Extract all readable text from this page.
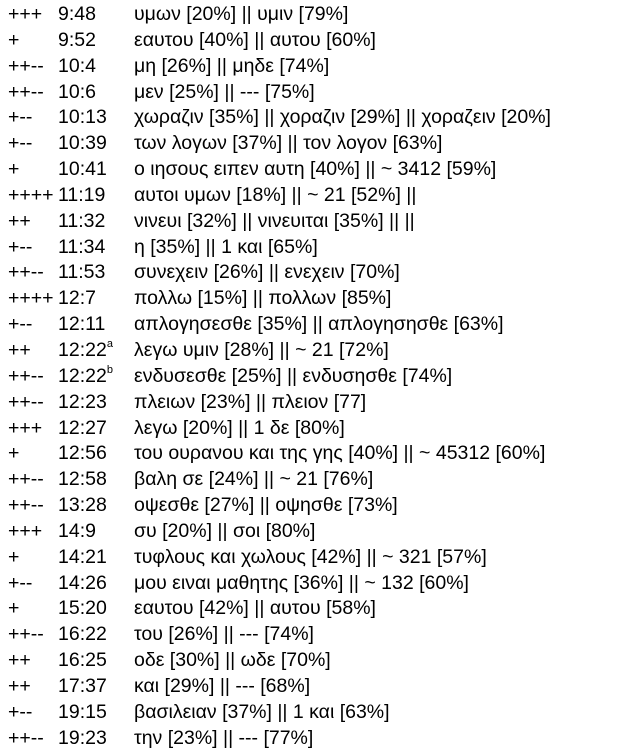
+++ 9:48 υμων [20%] || υμιν [79%]
+ 9:52 εαυτου [40%] || αυτου [60%]
++-- 10:4 μη [26%] || μηδε [74%]
++-- 10:6 μεν [25%] || --- [75%]
+-- 10:13 χωραζιν [35%] || χοραζιν [29%] || χοραζειν [20%]
+-- 10:39 των λογων [37%] || τον λογον [63%]
+ 10:41 ο ιησους ειπεν αυτη [40%] || ~ 3412 [59%]
++++ 11:19 αυτοι υμων [18%] || ~ 21 [52%] ||
++ 11:32 νινευι [32%] || νινευιται [35%] || ||
+-- 11:34 η [35%] || 1 και [65%]
++-- 11:53 συνεχειν [26%] || ενεχειν [70%]
++++ 12:7 πολλω [15%] || πολλων [85%]
+-- 12:11 απλογησεσθε [35%] || απλογησησθε [63%]
++ $12:22^a$ λεγω υμιν [28%] || ~ 21 [72%]
++-- 12:22$^b$ ενδυσεσθε [25%] || ενδυσησθε [74%]
++-- 12:23 πλειων [23%] || πλειον [77]
+++ 12:27 λεγω [20%] || 1 δε [80%]
+ 12:56 του ουρανου και της γης [40%] || ~ 45312 [60%]
++-- 12:58 βαλη σε [24%] || ~ 21 [76%]
++-- 13:28 οψεσθε [27%] || οψησθε [73%]
+++ 14:9 συ [20%] || σοι [80%]
+ 14:21 τυφλους και χωλους [42%] || ~ 321 [57%]
+-- 14:26 μου ειναι μαθητης [36%] || ~ 132 [60%]
+ 15:20 εαυτου [42%] || αυτου [58%]
++-- 16:22 του [26%] || --- [74%]
++ 16:25 οδε [30%] || ωδε [70%]
++ 17:37 και [29%] || --- [68%]
+-- 19:15 βασιλειαν [37%] || 1 και [63%]
++-- 19:23 την [23%] || --- [77%]
